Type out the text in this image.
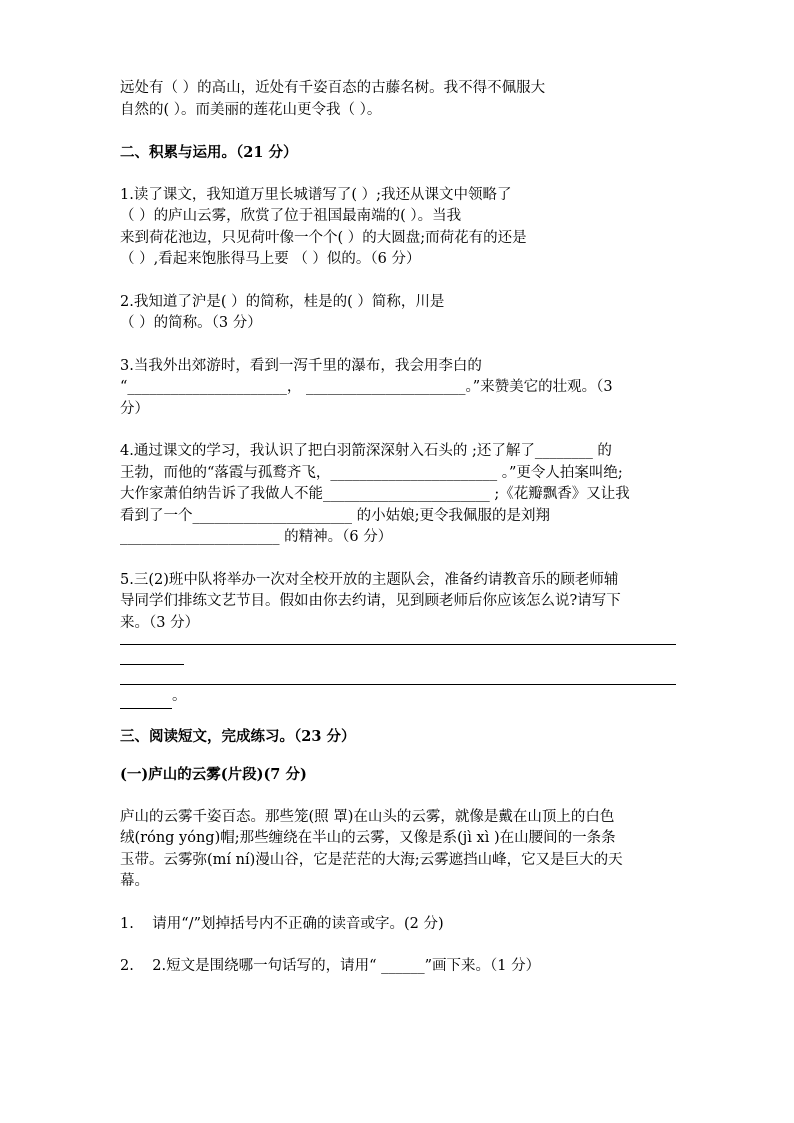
远处有（ ）的高山，近处有千姿百态的古藤名树。我不得不佩服大

自然的( ）。而美丽的莲花山更令我（ ）。

二、积累与运用。（21 分）

1.读了课文，我知道万里长城谱写了( ）;我还从课文中领略了

（ ）的庐山云雾，欣赏了位于祖国最南端的( ）。当我

来到荷花池边，只见荷叶像一个个( ）的大圆盘;而荷花有的还是

（ ）,看起来饱胀得马上要 （ ）似的。（6 分）

2.我知道了沪是( ）的简称，桂是的( ）简称，川是

（ ）的简称。（3 分）

3.当我外出郊游时，看到一泻千里的瀑布，我会用李白的

“______________________， ______________________。”来赞美它的壮观。（3

分）

4.通过课文的学习，我认识了把白羽箭深深射入石头的 ;还了解了________ 的

王勃，而他的“落霞与孤鹜齐飞，_______________________ 。”更令人拍案叫绝;

大作家萧伯纳告诉了我做人不能_______________________ ;《花瓣飘香》又让我

看到了一个______________________ 的小姑娘;更令我佩服的是刘翔

______________________ 的精神。（6 分）

5.三(2)班中队将举办一次对全校开放的主题队会，准备约请教音乐的顾老师辅

导同学们排练文艺节目。假如由你去约请，见到顾老师后你应该怎么说?请写下

来。（3 分）

。

三、阅读短文，完成练习。（23 分）

(一)庐山的云雾(片段)(7 分)

庐山的云雾千姿百态。那些笼(照 罩)在山头的云雾，就像是戴在山顶上的白色

绒(róng yóng)帽;那些缠绕在半山的云雾，又像是系(jì xì )在山腰间的一条条

玉带。云雾弥(mí ní)漫山谷，它是茫茫的大海;云雾遮挡山峰，它又是巨大的天

幕。

1.    请用“/”划掉括号内不正确的读音或字。(2 分)

2.    2.短文是围绕哪一句话写的，请用“ ______”画下来。（1 分）
